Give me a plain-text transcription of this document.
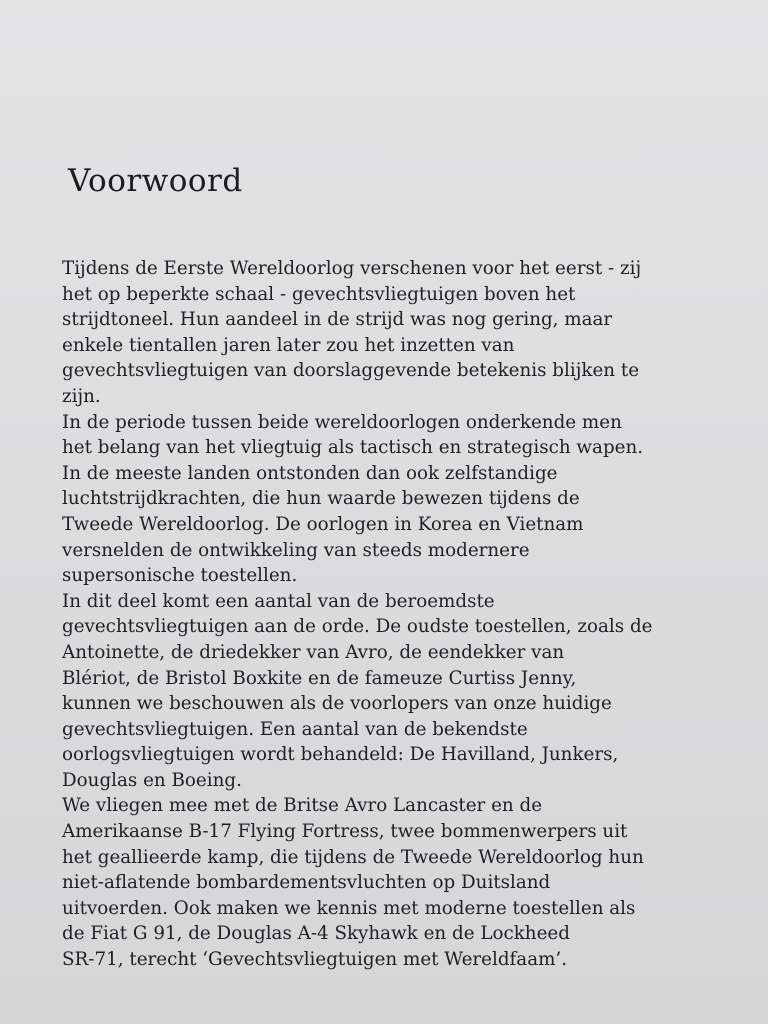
Voorwoord
Tijdens de Eerste Wereldoorlog verschenen voor het eerst - zij
het op beperkte schaal - gevechtsvliegtuigen boven het
strijdtoneel. Hun aandeel in de strijd was nog gering, maar
enkele tientallen jaren later zou het inzetten van
gevechtsvliegtuigen van doorslaggevende betekenis blijken te
zijn.
In de periode tussen beide wereldoorlogen onderkende men
het belang van het vliegtuig als tactisch en strategisch wapen.
In de meeste landen ontstonden dan ook zelfstandige
luchtstrijdkrachten, die hun waarde bewezen tijdens de
Tweede Wereldoorlog. De oorlogen in Korea en Vietnam
versnelden de ontwikkeling van steeds modernere
supersonische toestellen.
In dit deel komt een aantal van de beroemdste
gevechtsvliegtuigen aan de orde. De oudste toestellen, zoals de
Antoinette, de driedekker van Avro, de eendekker van
Blériot, de Bristol Boxkite en de fameuze Curtiss Jenny,
kunnen we beschouwen als de voorlopers van onze huidige
gevechtsvliegtuigen. Een aantal van de bekendste
oorlogsvliegtuigen wordt behandeld: De Havilland, Junkers,
Douglas en Boeing.
We vliegen mee met de Britse Avro Lancaster en de
Amerikaanse B-17 Flying Fortress, twee bommenwerpers uit
het geallieerde kamp, die tijdens de Tweede Wereldoorlog hun
niet-aflatende bombardementsvluchten op Duitsland
uitvoerden. Ook maken we kennis met moderne toestellen als
de Fiat G 91, de Douglas A-4 Skyhawk en de Lockheed
SR-71, terecht ‘Gevechtsvliegtuigen met Wereldfaam’.
